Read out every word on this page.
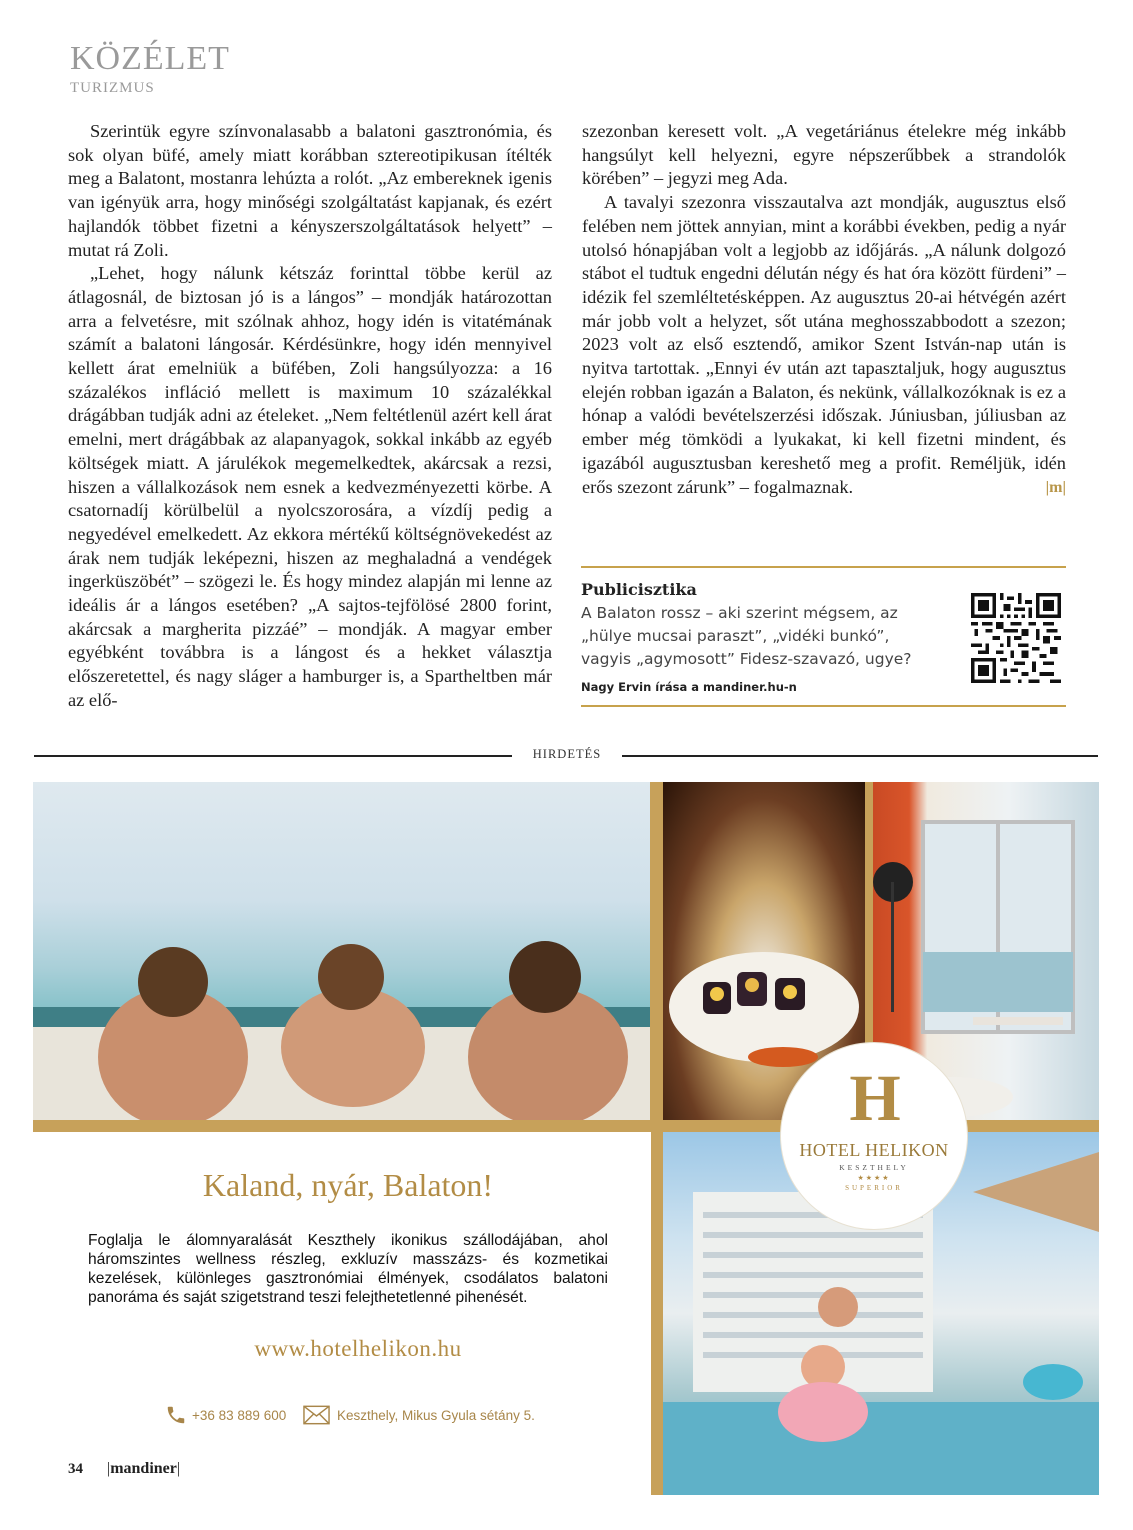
KÖZÉLET
TURIZMUS

Szerintük egyre színvonalasabb a balatoni gasztronómia, és sok olyan büfé, amely miatt korábban sztereotipikusan ítélték meg a Balatont, mostanra lehúzta a rolót. „Az embereknek igenis van igényük arra, hogy minőségi szolgáltatást kapjanak, és ezért hajlandók többet fizetni a kényszerszolgáltatások helyett” – mutat rá Zoli.

„Lehet, hogy nálunk kétszáz forinttal többe kerül az átlagosnál, de biztosan jó is a lángos” – mondják határozottan arra a felvetésre, mit szólnak ahhoz, hogy idén is vitatémának számít a balatoni lángosár. Kérdésünkre, hogy idén mennyivel kellett árat emelniük a büfében, Zoli hangsúlyozza: a 16 százalékos infláció mellett is maximum 10 százalékkal drágábban tudják adni az ételeket. „Nem feltétlenül azért kell árat emelni, mert drágábbak az alapanyagok, sokkal inkább az egyéb költségek miatt. A járulékok megemelkedtek, akárcsak a rezsi, hiszen a vállalkozások nem esnek a kedvezményezetti körbe. A csatornadíj körülbelül a nyolcszorosára, a vízdíj pedig a negyedével emelkedett. Az ekkora mértékű költségnövekedést az árak nem tudják leképezni, hiszen az meghaladná a vendégek ingerküszöbét” – szögezi le. És hogy mindez alapján mi lenne az ideális ár a lángos esetében? „A sajtos-tejfölösé 2800 forint, akárcsak a margherita pizzáé” – mondják. A magyar ember egyébként továbbra is a lángost és a hekket választja előszeretettel, és nagy sláger a hamburger is, a Spartheltben már az elő-

szezonban keresett volt. „A vegetáriánus ételekre még inkább hangsúlyt kell helyezni, egyre népszerűbbek a strandolók körében” – jegyzi meg Ada.

A tavalyi szezonra visszautalva azt mondják, augusztus első felében nem jöttek annyian, mint a korábbi években, pedig a nyár utolsó hónapjában volt a legjobb az időjárás. „A nálunk dolgozó stábot el tudtuk engedni délután négy és hat óra között fürdeni” – idézik fel szemléltetésképpen. Az augusztus 20-ai hétvégén azért már jobb volt a helyzet, sőt utána meghosszabbodott a szezon; 2023 volt az első esztendő, amikor Szent István-nap után is nyitva tartottak. „Ennyi év után azt tapasztaljuk, hogy augusztus elején robban igazán a Balaton, és nekünk, vállalkozóknak is ez a hónap a valódi bevételszerzési időszak. Júniusban, júliusban az ember még tömködi a lyukakat, ki kell fizetni mindent, és igazából augusztusban kereshető meg a profit. Reméljük, idén erős szezont zárunk” – fogalmaznak.	|m|

Publicisztika
A Balaton rossz – aki szerint mégsem, az „hülye mucsai paraszt”, „vidéki bunkó”, vagyis „agymosott” Fidesz-szavazó, ugye?
Nagy Ervin írása a mandiner.hu-n
HIRDETÉS
H
HOTEL HELIKON
KESZTHELY
★★★★
SUPERIOR
Kaland, nyár, Balaton!
Foglalja le álomnyaralását Keszthely ikonikus szállodájában, ahol háromszintes wellness részleg, exkluzív masszázs- és kozmetikai kezelések, különleges gasztronómiai élmények, csodálatos balatoni panoráma és saját szigetstrand teszi felejthetetlenné pihenését.
www.hotelhelikon.hu
+36 83 889 600	Keszthely, Mikus Gyula sétány 5.
34 |mandiner|
